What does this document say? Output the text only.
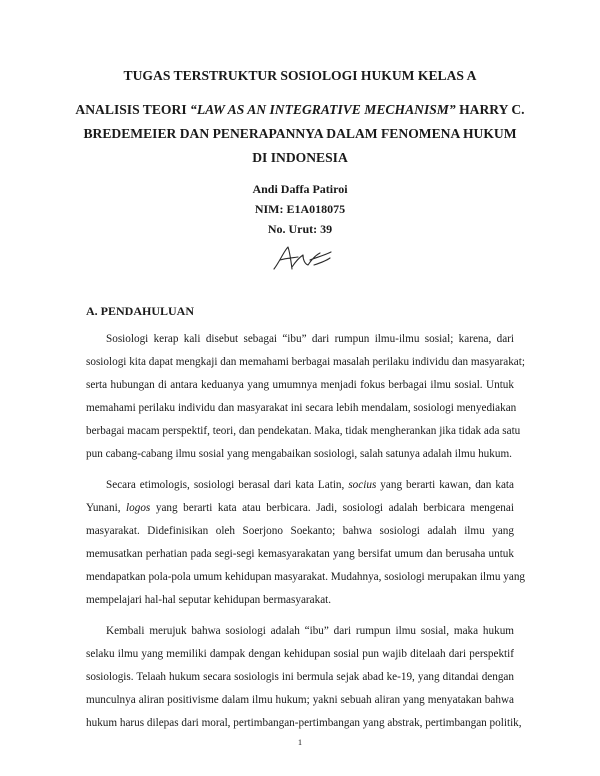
TUGAS TERSTRUKTUR SOSIOLOGI HUKUM KELAS A
ANALISIS TEORI “LAW AS AN INTEGRATIVE MECHANISM” HARRY C.
BREDEMEIER DAN PENERAPANNYA DALAM FENOMENA HUKUM
DI INDONESIA
Andi Daffa Patiroi
NIM: E1A018075
No. Urut: 39
A. PENDAHULUAN
Sosiologi kerap kali disebut sebagai “ibu” dari rumpun ilmu-ilmu sosial; karena, dari
sosiologi kita dapat mengkaji dan memahami berbagai masalah perilaku individu dan masyarakat;
serta hubungan di antara keduanya yang umumnya menjadi fokus berbagai ilmu sosial. Untuk
memahami perilaku individu dan masyarakat ini secara lebih mendalam, sosiologi menyediakan
berbagai macam perspektif, teori, dan pendekatan. Maka, tidak mengherankan jika tidak ada satu
pun cabang-cabang ilmu sosial yang mengabaikan sosiologi, salah satunya adalah ilmu hukum.
Secara etimologis, sosiologi berasal dari kata Latin, socius yang berarti kawan, dan kata
Yunani, logos yang berarti kata atau berbicara. Jadi, sosiologi adalah berbicara mengenai
masyarakat. Didefinisikan oleh Soerjono Soekanto; bahwa sosiologi adalah ilmu yang
memusatkan perhatian pada segi-segi kemasyarakatan yang bersifat umum dan berusaha untuk
mendapatkan pola-pola umum kehidupan masyarakat. Mudahnya, sosiologi merupakan ilmu yang
mempelajari hal-hal seputar kehidupan bermasyarakat.
Kembali merujuk bahwa sosiologi adalah “ibu” dari rumpun ilmu sosial, maka hukum
selaku ilmu yang memiliki dampak dengan kehidupan sosial pun wajib ditelaah dari perspektif
sosiologis. Telaah hukum secara sosiologis ini bermula sejak abad ke-19, yang ditandai dengan
munculnya aliran positivisme dalam ilmu hukum; yakni sebuah aliran yang menyatakan bahwa
hukum harus dilepas dari moral, pertimbangan-pertimbangan yang abstrak, pertimbangan politik,
1
